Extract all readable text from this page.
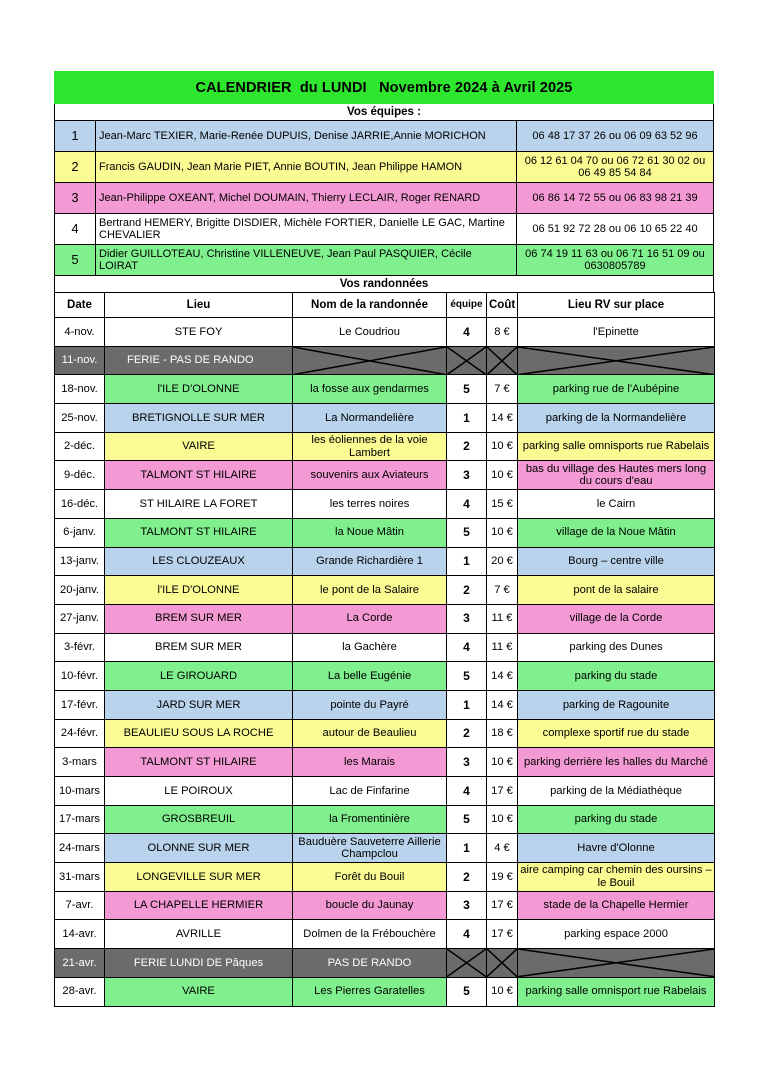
CALENDRIER  du LUNDI
Novembre 2024 à Avril 2025
Vos équipes :
1	Jean-Marc TEXIER, Marie-Renée DUPUIS, Denise JARRIE,Annie MORICHON	06 48 17 37 26 ou 06 09 63 52 96
2	Francis GAUDIN, Jean Marie PIET, Annie BOUTIN, Jean Philippe HAMON	06 12 61 04 70 ou 06 72 61 30 02 ou 06 49 85 54 84
3	Jean-Philippe OXEANT, Michel DOUMAIN, Thierry LECLAIR, Roger RENARD	06 86 14 72 55 ou 06 83 98 21 39
4	Bertrand HEMERY, Brigitte DISDIER, Michèle FORTIER, Danielle LE GAC, Martine CHEVALIER	06 51 92 72 28 ou 06 10 65 22 40
5	Didier GUILLOTEAU, Christine VILLENEUVE, Jean Paul PASQUIER, Cécile LOIRAT	06 74 19 11 63 ou 06 71 16 51 09 ou 0630805789
Vos randonnées
Date	Lieu	Nom de la randonnée	équipe	Coût	Lieu RV sur place
4-nov.	STE FOY	Le Coudriou	4	8 €	l'Epinette
11-nov.	FERIE - PAS DE RANDO	

18-nov.	l'ILE D'OLONNE	la fosse aux gendarmes	5	7 €	parking rue de l'Aubépine
25-nov.	BRETIGNOLLE SUR MER	La Normandelière	1	14 €	parking de la Normandelière
2-déc.	VAIRE	les éoliennes de la voie Lambert	2	10 €	parking salle omnisports rue Rabelais
9-déc.	TALMONT ST HILAIRE	souvenirs aux Aviateurs	3	10 €	bas du village des Hautes mers long du cours d'eau
16-déc.	ST HILAIRE LA FORET	les terres noires	4	15 €	le Cairn
6-janv.	TALMONT ST HILAIRE	la Noue Mâtin	5	10 €	village de la Noue Mâtin
13-janv.	LES CLOUZEAUX	Grande Richardière 1	1	20 €	Bourg – centre ville
20-janv.	l'ILE D'OLONNE	le pont de la Salaire	2	7 €	pont de la salaire
27-janv.	BREM SUR MER	La Corde	3	11 €	village de la Corde
3-févr.	BREM SUR MER	la Gachère	4	11 €	parking des Dunes
10-févr.	LE GIROUARD	La belle Eugénie	5	14 €	parking du stade
17-févr.	JARD SUR MER	pointe du Payré	1	14 €	parking de Ragounite
24-févr.	BEAULIEU SOUS LA ROCHE	autour de Beaulieu	2	18 €	complexe sportif rue du stade
3-mars	TALMONT ST HILAIRE	les Marais	3	10 €	parking derrière les halles du Marché
10-mars	LE POIROUX	Lac de Finfarine	4	17 €	parking de la Médiathèque
17-mars	GROSBREUIL	la Fromentinière	5	10 €	parking du stade
24-mars	OLONNE SUR MER	Bauduère Sauveterre Aillerie Champclou	1	4 €	Havre d'Olonne
31-mars	LONGEVILLE SUR MER	Forêt du Bouil	2	19 €	aire camping car chemin des oursins – le Bouil
7-avr.	LA CHAPELLE HERMIER	boucle du Jaunay	3	17 €	stade de la Chapelle Hermier
14-avr.	AVRILLE	Dolmen de la Frébouchère	4	17 €	parking espace 2000
21-avr.	FERIE LUNDI DE Pâques	PAS DE RANDO	

28-avr.	VAIRE	Les Pierres Garatelles	5	10 €	parking salle omnisport rue Rabelais
